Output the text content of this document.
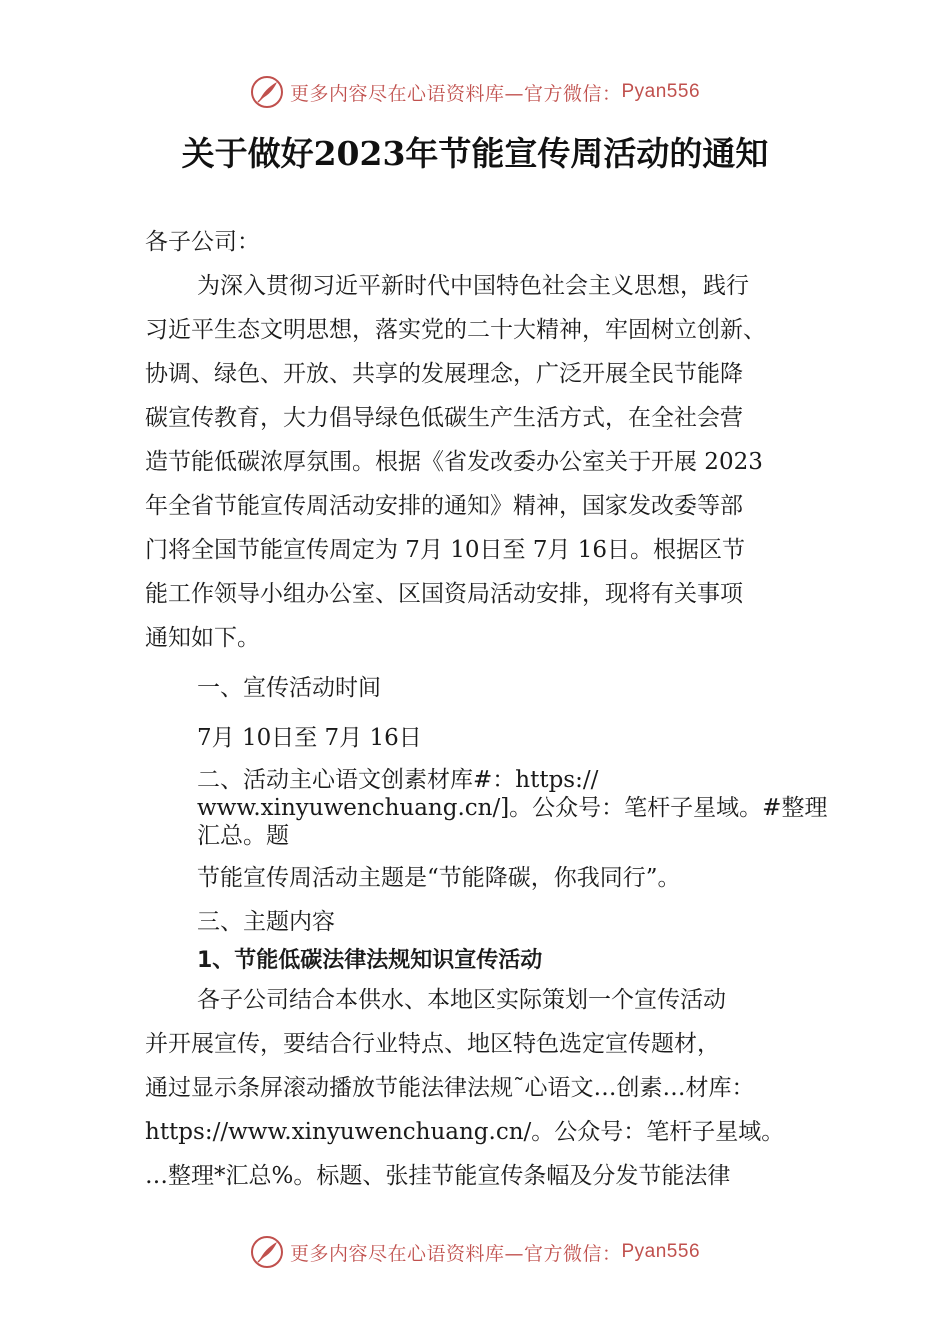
更多内容尽在心语资料库—官方微信： Pyan556
关于做好2023年节能宣传周活动的通知
各子公司：
为深入贯彻习近平新时代中国特色社会主义思想，践行
习近平生态文明思想，落实党的二十大精神，牢固树立创新、
协调、绿色、开放、共享的发展理念，广泛开展全民节能降
碳宣传教育，大力倡导绿色低碳生产生活方式，在全社会营
造节能低碳浓厚氛围。根据《省发改委办公室关于开展 2023
年全省节能宣传周活动安排的通知》精神，国家发改委等部
门将全国节能宣传周定为 7月 10日至 7月 16日。根据区节
能工作领导小组办公室、区国资局活动安排，现将有关事项
通知如下。
一、宣传活动时间
7月 10日至 7月 16日
二、活动主心语文创素材库#：https://
www.xinyuwenchuang.cn/]。公众号：笔杆子星域。#整理
汇总。题
节能宣传周活动主题是“节能降碳，你我同行”。
三、主题内容
1、节能低碳法律法规知识宣传活动
各子公司结合本供水、本地区实际策划一个宣传活动
并开展宣传，要结合行业特点、地区特色选定宣传题材，
通过显示条屏滚动播放节能法律法规˜心语文…创素…材库：
https://www.xinyuwenchuang.cn/。公众号：笔杆子星域。
…整理*汇总%。标题、张挂节能宣传条幅及分发节能法律
更多内容尽在心语资料库—官方微信： Pyan556
